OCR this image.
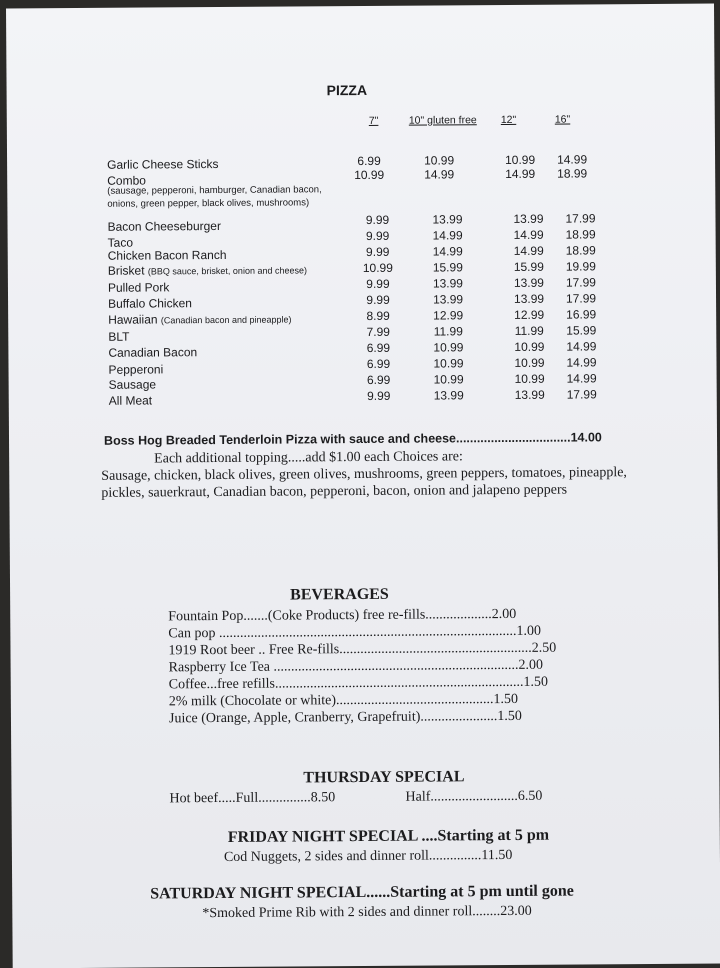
PIZZA
7"	10" gluten free 12"	16"
Garlic Cheese Sticks	6.99	10.99	10.99	14.99
Combo	10.99	14.99	14.99	18.99
Bacon Cheeseburger	9.99	13.99	13.99	17.99
Taco	9.99	14.99	14.99	18.99
Chicken Bacon Ranch	9.99	14.99	14.99	18.99
Brisket (BBQ sauce, brisket, onion and cheese)	10.99	15.99	15.99	19.99
Pulled Pork	9.99	13.99	13.99	17.99
Buffalo Chicken	9.99	13.99	13.99	17.99
Hawaiian (Canadian bacon and pineapple)	8.99	12.99	12.99	16.99
BLT	7.99	11.99	11.99	15.99
Canadian Bacon	6.99	10.99	10.99	14.99
Pepperoni	6.99	10.99	10.99	14.99
Sausage	6.99	10.99	10.99	14.99
All Meat	9.99	13.99	13.99	17.99
(sausage, pepperoni, hamburger, Canadian bacon,
onions, green pepper, black olives, mushrooms)
Boss Hog Breaded Tenderloin Pizza with sauce and cheese.................................14.00
Each additional topping.....add $1.00 each Choices are:
Sausage, chicken, black olives, green olives, mushrooms, green peppers, tomatoes, pineapple, pickles, sauerkraut, Canadian bacon, pepperoni, bacon, onion and jalapeno peppers
BEVERAGES
Fountain Pop.......(Coke Products) free re-fills...................2.00
Can pop .....................................................................................1.00
1919 Root beer .. Free Re-fills.......................................................2.50
Raspberry Ice Tea ......................................................................2.00
Coffee...free refills.......................................................................1.50
2% milk (Chocolate or white).............................................1.50
Juice (Orange, Apple, Cranberry, Grapefruit)......................1.50
THURSDAY SPECIAL
Hot beef.....Full...............8.50	Half.........................6.50
FRIDAY NIGHT SPECIAL ....Starting at 5 pm
Cod Nuggets, 2 sides and dinner roll...............11.50
SATURDAY NIGHT SPECIAL......Starting at 5 pm until gone
*Smoked Prime Rib with 2 sides and dinner roll........23.00
